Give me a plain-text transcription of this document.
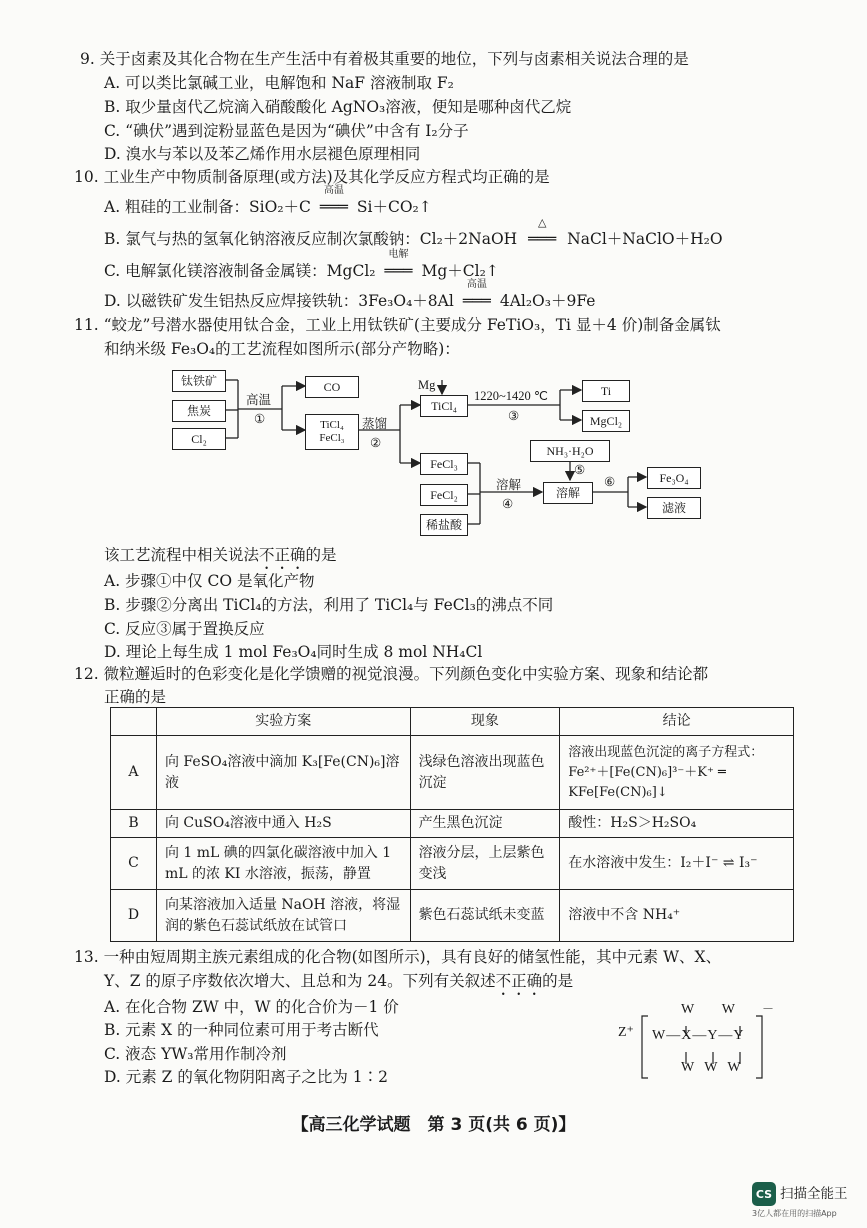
9. 关于卤素及其化合物在生产生活中有着极其重要的地位，下列与卤素相关说法合理的是
A. 可以类比氯碱工业，电解饱和 NaF 溶液制取 F₂
B. 取少量卤代乙烷滴入硝酸酸化 AgNO₃溶液，便知是哪种卤代乙烷
C. “碘伏”遇到淀粉显蓝色是因为“碘伏”中含有 I₂分子
D. 溴水与苯以及苯乙烯作用水层褪色原理相同
10. 工业生产中物质制备原理(或方法)及其化学反应方程式均正确的是
A. 粗硅的工业制备：SiO₂＋C
高温
═══ Si＋CO₂↑
B. 氯气与热的氢氧化钠溶液反应制次氯酸钠：Cl₂＋2NaOH
△
═══ NaCl＋NaClO＋H₂O
C. 电解氯化镁溶液制备金属镁：MgCl₂
电解
═══ Mg＋Cl₂↑
D. 以磁铁矿发生铝热反应焊接铁轨：3Fe₃O₄＋8Al
高温
═══ 4Al₂O₃＋9Fe
11. “蛟龙”号潜水器使用钛合金，工业上用钛铁矿(主要成分 FeTiO₃，Ti 显＋4 价)制备金属钛
和纳米级 Fe₃O₄的工艺流程如图所示(部分产物略)：
钛铁矿
焦炭
Cl₂
高温
①
CO
TiCl₄
FeCl₃
蒸馏
②
Mg
TiCl₄
1220~1420 ℃
③
Ti
MgCl₂
FeCl₃
FeCl₂
稀盐酸
溶解
④
NH₃·H₂O
⑤
溶解
⑥	Fe₃O₄
滤液
该工艺流程中相关说法不正确的是
A. 步骤①中仅 CO 是氧化产物
B. 步骤②分离出 TiCl₄的方法，利用了 TiCl₄与 FeCl₃的沸点不同
C. 反应③属于置换反应
D. 理论上每生成 1 mol Fe₃O₄同时生成 8 mol NH₄Cl
12. 微粒邂逅时的色彩变化是化学馈赠的视觉浪漫。下列颜色变化中实验方案、现象和结论都
正确的是
	实验方案	现象	结论
A	向 FeSO₄溶液中滴加 K₃[Fe(CN)₆]溶液	浅绿色溶液出现蓝色沉淀	溶液出现蓝色沉淀的离子方程式：Fe²⁺＋[Fe(CN)₆]³⁻＋K⁺ ═ KFe[Fe(CN)₆]↓
B	向 CuSO₄溶液中通入 H₂S	产生黑色沉淀	酸性：H₂S＞H₂SO₄
C	向 1 mL 碘的四氯化碳溶液中加入 1 mL 的浓 KI 水溶液，振荡，静置	溶液分层，上层紫色变浅	在水溶液中发生：I₂＋I⁻ ⇌ I₃⁻
D	向某溶液加入适量 NaOH 溶液，将湿润的紫色石蕊试纸放在试管口	紫色石蕊试纸未变蓝	溶液中不含 NH₄⁺
13. 一种由短周期主族元素组成的化合物(如图所示)，具有良好的储氢性能，其中元素 W、X、
Y、Z 的原子序数依次增大、且总和为 24。下列有关叙述不正确的是
A. 在化合物 ZW 中，W 的化合价为－1 价
B. 元素 X 的一种同位素可用于考古断代
C. 液态 YW₃常用作制冷剂
D. 元素 Z 的氧化物阴阳离子之比为 1∶2
Z⁺
－
W        W
W—X—Y—Y
W   W   W
【高三化学试题　第 3 页(共 6 页)】
CS 扫描全能王
3亿人都在用的扫描App
